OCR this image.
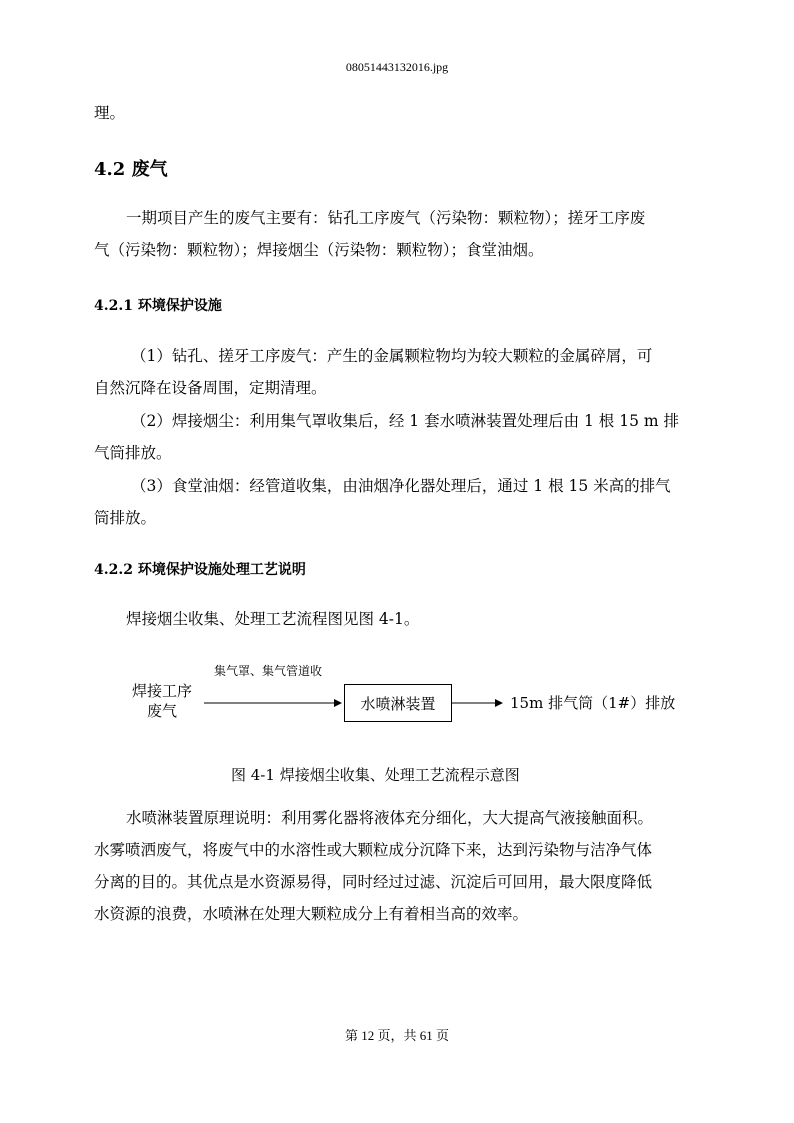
08051443132016.jpg
理。
4.2 废气
一期项目产生的废气主要有：钻孔工序废气（污染物：颗粒物）；搓牙工序废
气（污染物：颗粒物）；焊接烟尘（污染物：颗粒物）；食堂油烟。
4.2.1 环境保护设施
（1）钻孔、搓牙工序废气：产生的金属颗粒物均为较大颗粒的金属碎屑，可
自然沉降在设备周围，定期清理。
（2）焊接烟尘：利用集气罩收集后，经 1 套水喷淋装置处理后由 1 根 15 m 排
气筒排放。
（3）食堂油烟：经管道收集，由油烟净化器处理后，通过 1 根 15 米高的排气
筒排放。
4.2.2 环境保护设施处理工艺说明
焊接烟尘收集、处理工艺流程图见图 4-1。
焊接工序
废气
集气罩、集气管道收
水喷淋装置	15m 排气筒（1#）排放
图 4-1 焊接烟尘收集、处理工艺流程示意图
水喷淋装置原理说明：利用雾化器将液体充分细化，大大提高气液接触面积。
水雾喷洒废气，将废气中的水溶性或大颗粒成分沉降下来，达到污染物与洁净气体
分离的目的。其优点是水资源易得，同时经过过滤、沉淀后可回用，最大限度降低
水资源的浪费，水喷淋在处理大颗粒成分上有着相当高的效率。
第 12 页，共 61 页
